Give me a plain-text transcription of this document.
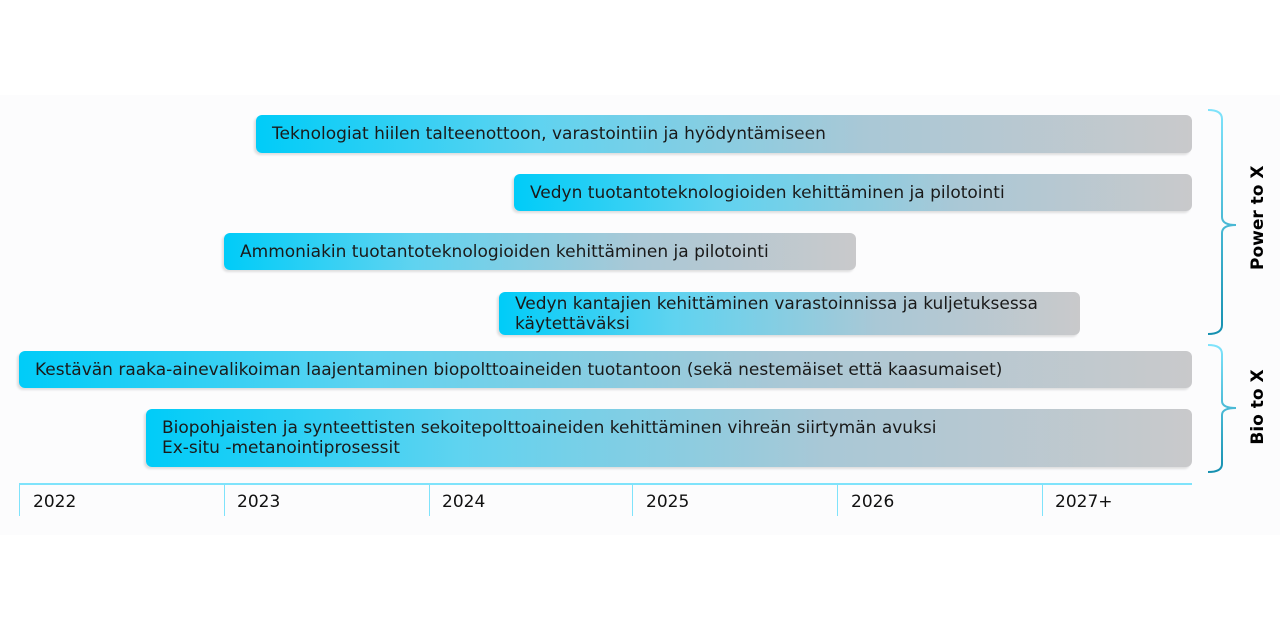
Teknologiat hiilen talteenottoon, varastointiin ja hyödyntämiseen
Vedyn tuotantoteknologioiden kehittäminen ja pilotointi
Ammoniakin tuotantoteknologioiden kehittäminen ja pilotointi
Vedyn kantajien kehittäminen varastoinnissa ja kuljetuksessa
käytettäväksi
Kestävän raaka-ainevalikoiman laajentaminen biopolttoaineiden tuotantoon (sekä nestemäiset että kaasumaiset)
Biopohjaisten ja synteettisten sekoitepolttoaineiden kehittäminen vihreän siirtymän avuksi
Ex-situ -metanointiprosessit
2022	2023	2024	2025	2026	2027+
Power to X
Bio to X
